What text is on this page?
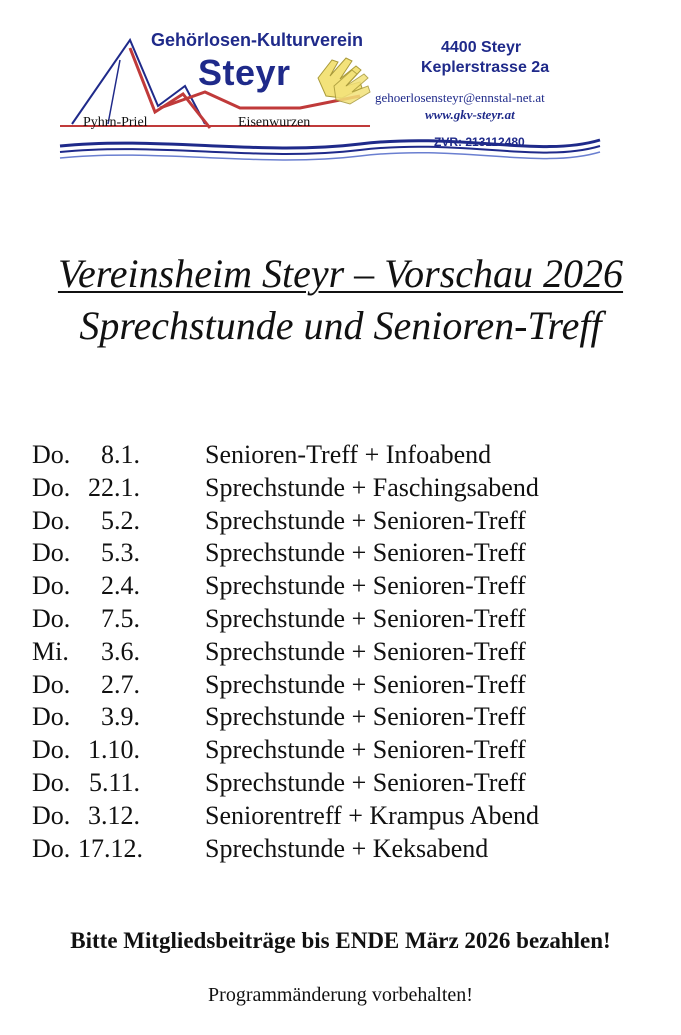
Gehörlosen-Kulturverein
Steyr
4400 Steyr
Keplerstrasse 2a
gehoerlosensteyr@ennstal-net.at
www.gkv-steyr.at
ZVR: 213112480
Pyhrn-Priel	Eisenwurzen
Vereinsheim Steyr – Vorschau 2026
Sprechstunde und Senioren-Treff
Do.	8.1.	Senioren-Treff + Infoabend
Do. 22.1.	Sprechstunde + Faschingsabend
Do.	5.2.	Sprechstunde + Senioren-Treff
Do.	5.3.	Sprechstunde + Senioren-Treff
Do.	2.4.	Sprechstunde + Senioren-Treff
Do.	7.5.	Sprechstunde + Senioren-Treff
Mi.	3.6.	Sprechstunde + Senioren-Treff
Do.	2.7.	Sprechstunde + Senioren-Treff
Do.	3.9.	Sprechstunde + Senioren-Treff
Do. 1.10.	Sprechstunde + Senioren-Treff
Do. 5.11.	Sprechstunde + Senioren-Treff
Do. 3.12.	Seniorentreff + Krampus Abend
Do. 17.12. Sprechstunde + Keksabend
Bitte Mitgliedsbeiträge bis ENDE März 2026 bezahlen!
Programmänderung vorbehalten!
